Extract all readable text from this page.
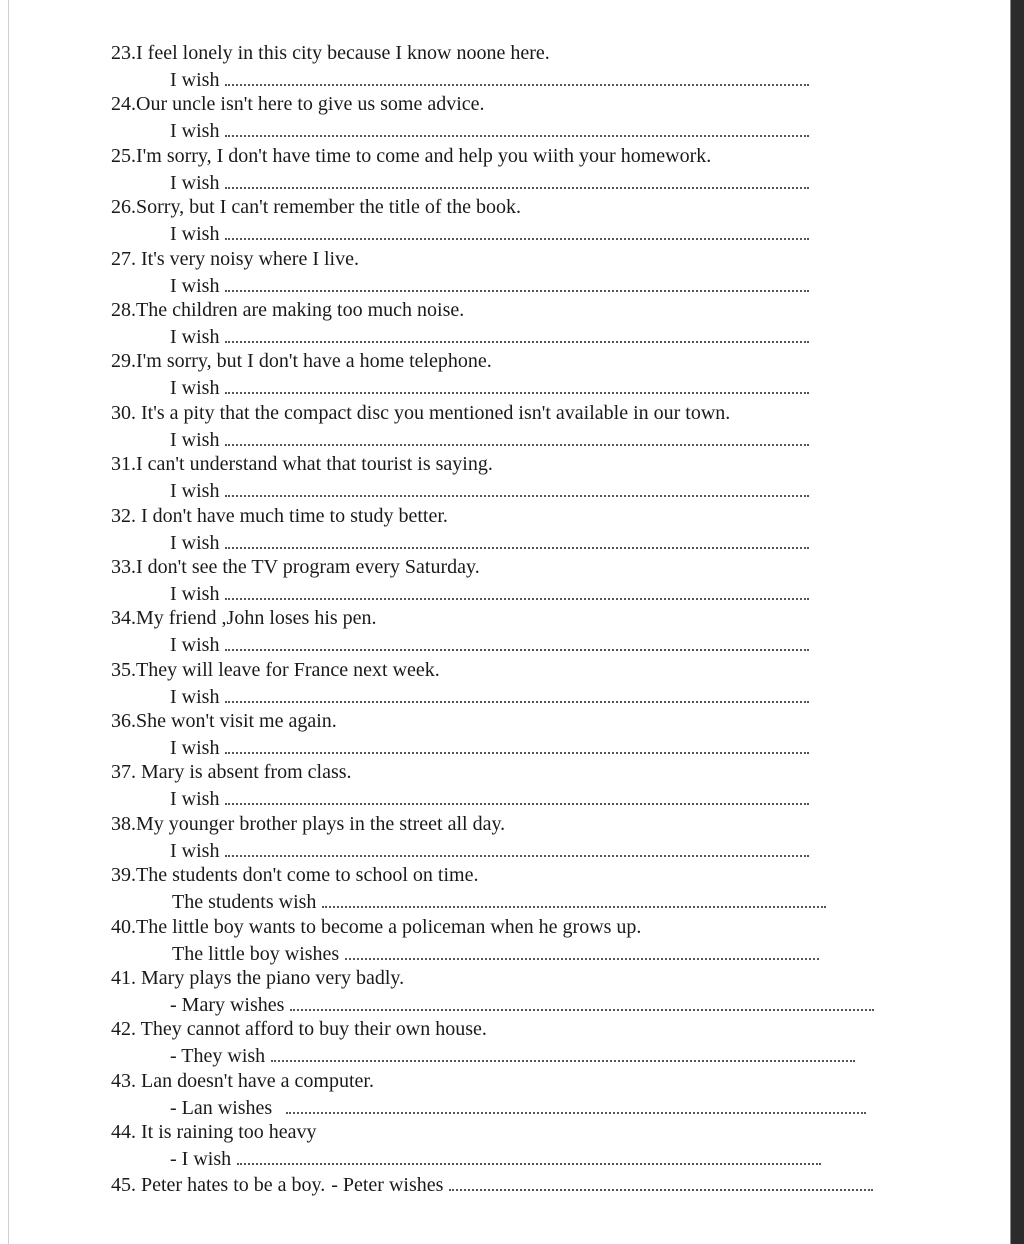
23.I feel lonely in this city because I know noone here.
I wish
24.Our uncle isn't here to give us some advice.
I wish
25.I'm sorry, I don't have time to come and help you wiith your homework.
I wish
26.Sorry, but I can't remember the title of the book.
I wish
27. It's very noisy where I live.
I wish
28.The children are making too much noise.
I wish
29.I'm sorry, but I don't have a home telephone.
I wish
30. It's a pity that the compact disc you mentioned isn't available in our town.
I wish
31.I can't understand what that tourist is saying.
I wish
32. I don't have much time to study better.
I wish
33.I don't see the TV program every Saturday.
I wish
34.My friend ,John loses his pen.
I wish
35.They will leave for France next week.
I wish
36.She won't visit me again.
I wish
37. Mary is absent from class.
I wish
38.My younger brother plays in the street all day.
I wish
39.The students don't come to school on time.
The students wish
40.The little boy wants to become a policeman when he grows up.
The little boy wishes
41. Mary plays the piano very badly.
- Mary wishes
42. They cannot afford to buy their own house.
- They wish
43. Lan doesn't have a computer.
- Lan wishes
44. It is raining too heavy
- I wish
45. Peter hates to be a boy. - Peter wishes
